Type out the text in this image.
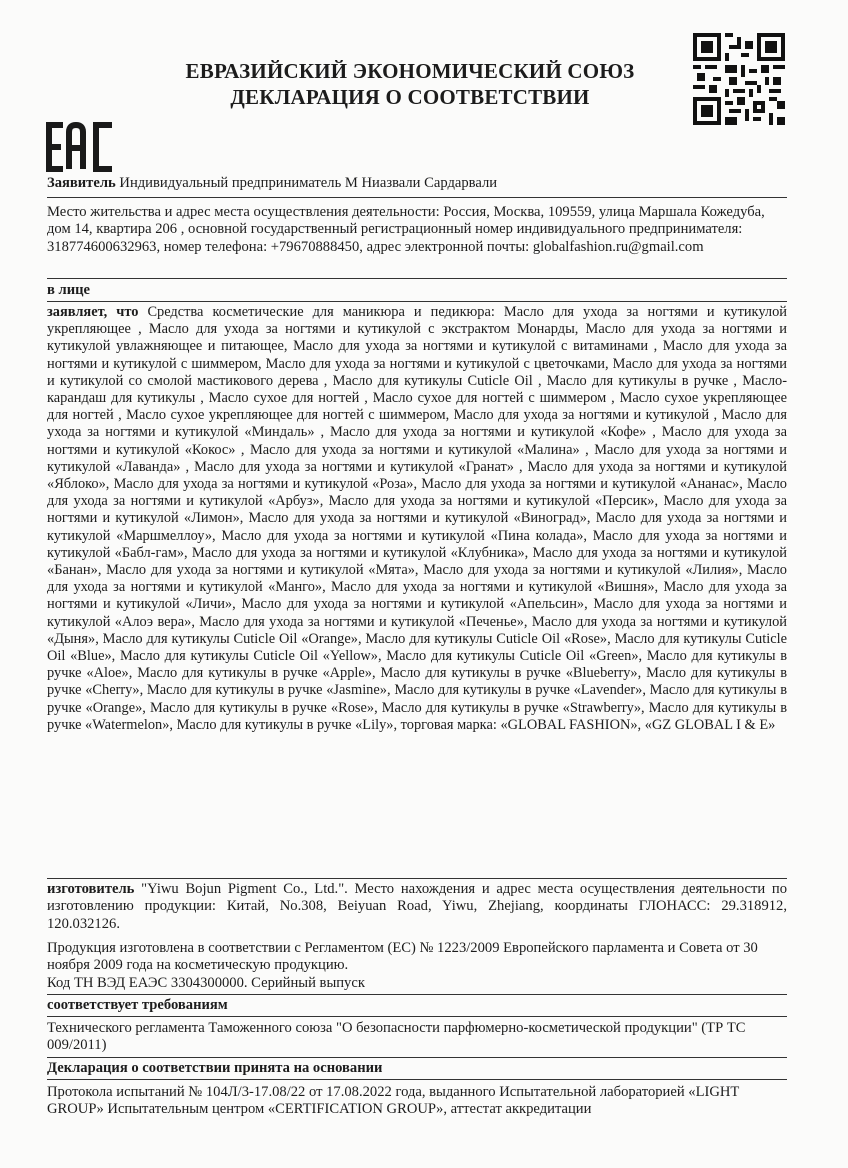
ЕВРАЗИЙСКИЙ ЭКОНОМИЧЕСКИЙ СОЮЗ
ДЕКЛАРАЦИЯ О СООТВЕТСТВИИ
EAC
Заявитель Индивидуальный предприниматель М Ниазвали Сардарвали

Место жительства и адрес места осуществления деятельности: Россия, Москва, 109559, улица Маршала Кожедуба, дом 14, квартира 206 , основной государственный регистрационный номер индивидуального предпринимателя: 318774600632963, номер телефона: +79670888450, адрес электронной почты: globalfashion.ru@gmail.com

в лице
заявляет, что Средства косметические для маникюра и педикюра: Масло для ухода за ногтями и кутикулой укрепляющее , Масло для ухода за ногтями и кутикулой с экстрактом Монарды, Масло для ухода за ногтями и кутикулой увлажняющее и питающее, Масло для ухода за ногтями и кутикулой с витаминами , Масло для ухода за ногтями и кутикулой с шиммером, Масло для ухода за ногтями и кутикулой с цветочками, Масло для ухода за ногтями и кутикулой со смолой мастикового дерева , Масло для кутикулы Cuticle Oil , Масло для кутикулы в ручке , Масло-карандаш для кутикулы , Масло сухое для ногтей , Масло сухое для ногтей с шиммером , Масло сухое укрепляющее для ногтей , Масло сухое укрепляющее для ногтей с шиммером, Масло для ухода за ногтями и кутикулой , Масло для ухода за ногтями и кутикулой «Миндаль» , Масло для ухода за ногтями и кутикулой «Кофе» , Масло для ухода за ногтями и кутикулой «Кокос» , Масло для ухода за ногтями и кутикулой «Малина» , Масло для ухода за ногтями и кутикулой «Лаванда» , Масло для ухода за ногтями и кутикулой «Гранат» , Масло для ухода за ногтями и кутикулой «Яблоко», Масло для ухода за ногтями и кутикулой «Роза», Масло для ухода за ногтями и кутикулой «Ананас», Масло для ухода за ногтями и кутикулой «Арбуз», Масло для ухода за ногтями и кутикулой «Персик», Масло для ухода за ногтями и кутикулой «Лимон», Масло для ухода за ногтями и кутикулой «Виноград», Масло для ухода за ногтями и кутикулой «Маршмеллоу», Масло для ухода за ногтями и кутикулой «Пина колада», Масло для ухода за ногтями и кутикулой «Бабл-гам», Масло для ухода за ногтями и кутикулой «Клубника», Масло для ухода за ногтями и кутикулой «Банан», Масло для ухода за ногтями и кутикулой «Мята», Масло для ухода за ногтями и кутикулой «Лилия», Масло для ухода за ногтями и кутикулой «Манго», Масло для ухода за ногтями и кутикулой «Вишня», Масло для ухода за ногтями и кутикулой «Личи», Масло для ухода за ногтями и кутикулой «Апельсин», Масло для ухода за ногтями и кутикулой «Алоэ вера», Масло для ухода за ногтями и кутикулой «Печенье», Масло для ухода за ногтями и кутикулой «Дыня», Масло для кутикулы Cuticle Oil «Orange», Масло для кутикулы Cuticle Oil «Rose», Масло для кутикулы Cuticle Oil «Blue», Масло для кутикулы Cuticle Oil «Yellow», Масло для кутикулы Cuticle Oil «Green», Масло для кутикулы в ручке «Aloe», Масло для кутикулы в ручке «Apple», Масло для кутикулы в ручке «Blueberry», Масло для кутикулы в ручке «Cherry», Масло для кутикулы в ручке «Jasmine», Масло для кутикулы в ручке «Lavender», Масло для кутикулы в ручке «Orange», Масло для кутикулы в ручке «Rose», Масло для кутикулы в ручке «Strawberry», Масло для кутикулы в ручке «Watermelon», Масло для кутикулы в ручке «Lily», торговая марка: «GLOBAL FASHION», «GZ GLOBAL I & E»
изготовитель "Yiwu Bojun Pigment Co., Ltd.". Место нахождения и адрес места осуществления деятельности по изготовлению продукции: Китай, No.308, Beiyuan Road, Yiwu, Zhejiang, координаты ГЛОНАСС: 29.318912, 120.032126.

Продукция изготовлена в соответствии с Регламентом (ЕС) № 1223/2009 Европейского парламента и Совета от 30 ноября 2009 года на косметическую продукцию.

Код ТН ВЭД ЕАЭС 3304300000. Серийный выпуск

соответствует требованиям

Технического регламента Таможенного союза "О безопасности парфюмерно-косметической продукции" (ТР ТС 009/2011)

Декларация о соответствии принята на основании

Протокола испытаний № 104Л/3-17.08/22 от 17.08.2022 года, выданного Испытательной лабораторией «LIGHT GROUP» Испытательным центром «CERTIFICATION GROUP», аттестат аккредитации
